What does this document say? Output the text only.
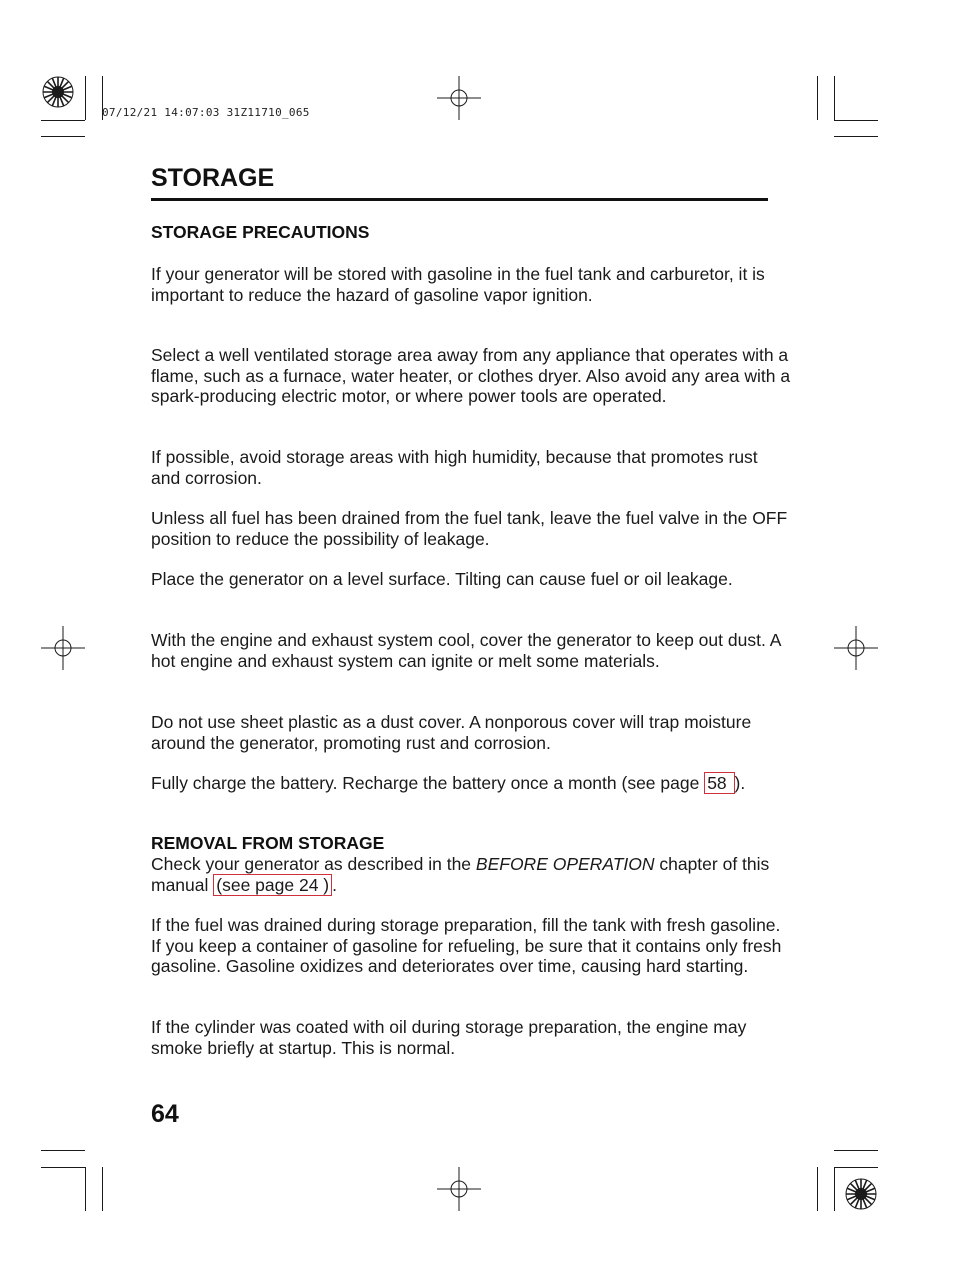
07/12/21 14:07:03 31Z11710_065
STORAGE
STORAGE PRECAUTIONS
If your generator will be stored with gasoline in the fuel tank and carburetor, it is important to reduce the hazard of gasoline vapor ignition.
Select a well ventilated storage area away from any appliance that operates with a flame, such as a furnace, water heater, or clothes dryer. Also avoid any area with a spark-producing electric motor, or where power tools are operated.
If possible, avoid storage areas with high humidity, because that promotes rust and corrosion.
Unless all fuel has been drained from the fuel tank, leave the fuel valve in the OFF position to reduce the possibility of leakage.
Place the generator on a level surface. Tilting can cause fuel or oil leakage.
With the engine and exhaust system cool, cover the generator to keep out dust. A hot engine and exhaust system can ignite or melt some materials.
Do not use sheet plastic as a dust cover. A nonporous cover will trap moisture around the generator, promoting rust and corrosion.
Fully charge the battery. Recharge the battery once a month (see page 58 ).
REMOVAL FROM STORAGE
Check your generator as described in the BEFORE OPERATION chapter of this manual (see page 24 ) .
If the fuel was drained during storage preparation, fill the tank with fresh gasoline. If you keep a container of gasoline for refueling, be sure that it contains only fresh gasoline. Gasoline oxidizes and deteriorates over time, causing hard starting.
If the cylinder was coated with oil during storage preparation, the engine may smoke briefly at startup. This is normal.
64
